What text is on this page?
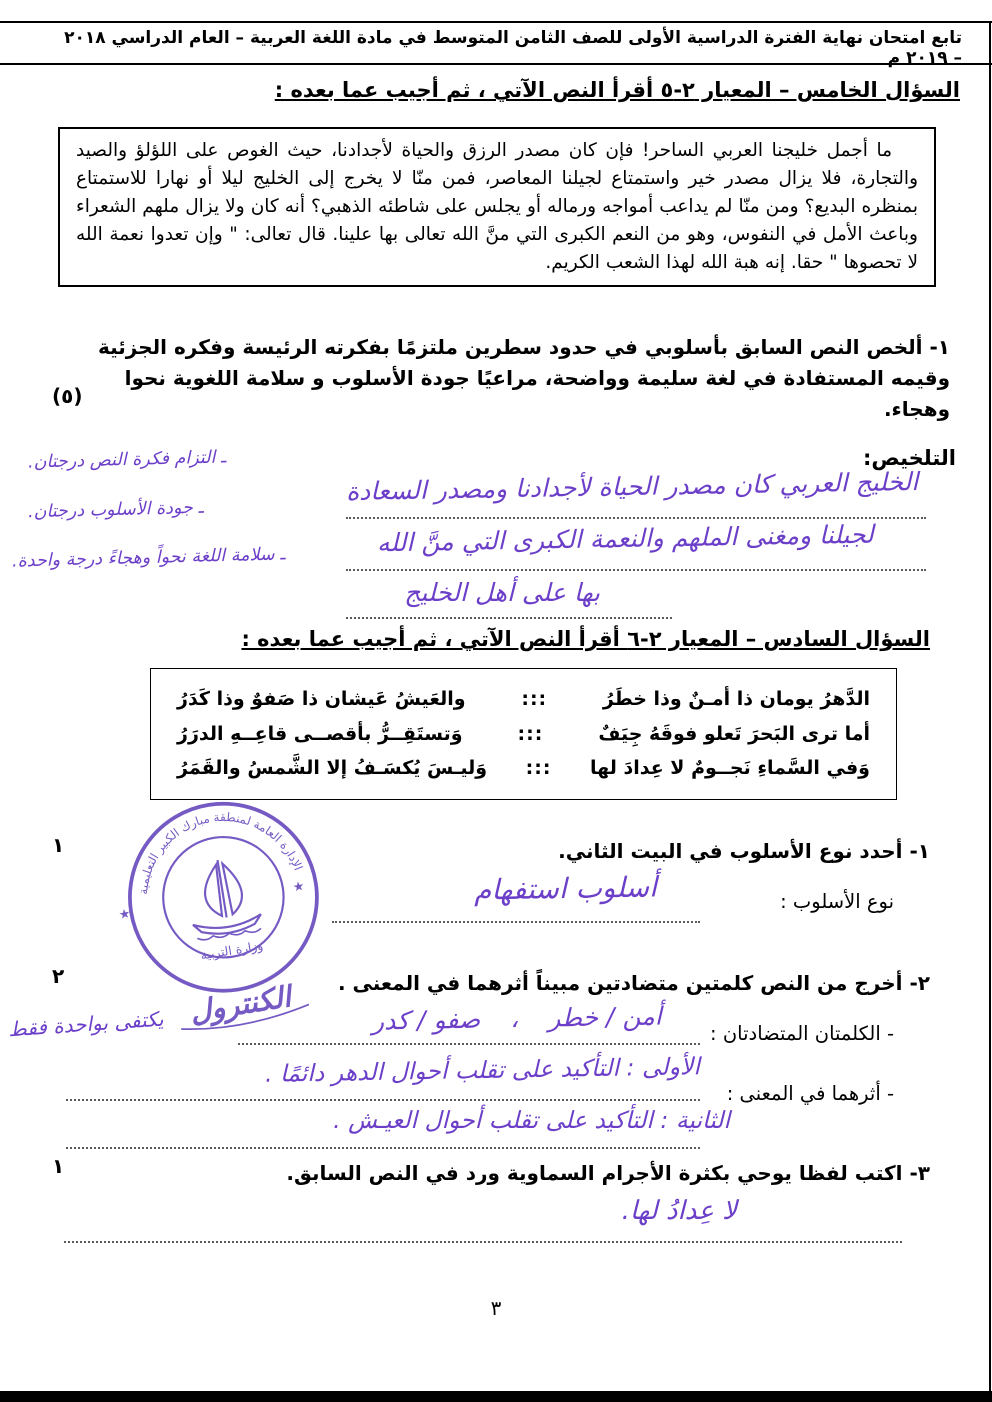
تابع امتحان نهاية الفترة الدراسية الأولى للصف الثامن المتوسط في مادة اللغة العربية – العام الدراسي ٢٠١٨ – ٢٠١٩ م
السؤال الخامس – المعيار ٢-٥ أقرأ النص الآتي ، ثم أجيب عما بعده :
ما أجمل خليجنا العربي الساحر! فإن كان مصدر الرزق والحياة لأجدادنا، حيث الغوص على اللؤلؤ والصيد والتجارة، فلا يزال مصدر خير واستمتاع لجيلنا المعاصر، فمن منّا لا يخرج إلى الخليج ليلا أو نهارا للاستمتاع بمنظره البديع؟ ومن منّا لم يداعب أمواجه ورماله أو يجلس على شاطئه الذهبي؟ أنه كان ولا يزال ملهم الشعراء وباعث الأمل في النفوس، وهو من النعم الكبرى التي منَّ الله تعالى بها علينا. قال تعالى: " وإن تعدوا نعمة الله لا تحصوها " حقا. إنه هبة الله لهذا الشعب الكريم.
١- ألخص النص السابق بأسلوبي في حدود سطرين ملتزمًا بفكرته الرئيسة وفكره الجزئية وقيمه المستفادة في لغة سليمة وواضحة، مراعيًا جودة الأسلوب و سلامة اللغوية نحوا وهجاء.
(٥)
التلخيص:
الخليج العربي كان مصدر الحياة لأجدادنا ومصدر السعادة
لجيلنا ومغنى الملهم والنعمة الكبرى التي منَّ الله
بها على أهل الخليج
ـ التزام فكرة النص درجتان.
ـ جودة الأسلوب درجتان.
ـ سلامة اللغة نحواً وهجاءً درجة واحدة.
السؤال السادس – المعيار ٢-٦ أقرأ النص الآتي ، ثم أجيب عما بعده :
الدَّهرُ يومان ذا أمـنٌ وذا خطَرُ
:::
والعَيشُ عَيشان ذا صَفوٌ وذا كَدَرُ
أما ترى البَحرَ تَعلو فوقَهُ جِيَفٌ
:::
وَتستَقِــرُّ بأقصــى قاعِــهِ الدرَرُ
وَفي السَّماءِ نَجــومٌ لا عِدادَ لها
:::
وَليـسَ يُكسَـفُ إلا الشَّمسُ والقَمَرُ
١- أحدد نوع الأسلوب في البيت الثاني.
١
نوع الأسلوب :
أسلوب استفهام
الإدارة العامة لمنطقة مبارك الكبير التعليمية
★
★
وزارة التربية
الكنترول ٢- أخرج من النص كلمتين متضادتين مبيناً أثرهما في المعنى .
٢
- الكلمتان المتضادتان :
أمن / خطر
،
صفو / كدر
يكتفى بواحدة فقط
- أثرهما في المعنى :
الأولى : التأكيد على تقلب أحوال الدهر دائمًا .
الثانية : التأكيد على تقلب أحوال العيـش .
٣- اكتب لفظا يوحي بكثرة الأجرام السماوية ورد في النص السابق.
١
لا عِدادُ لها.
٣
